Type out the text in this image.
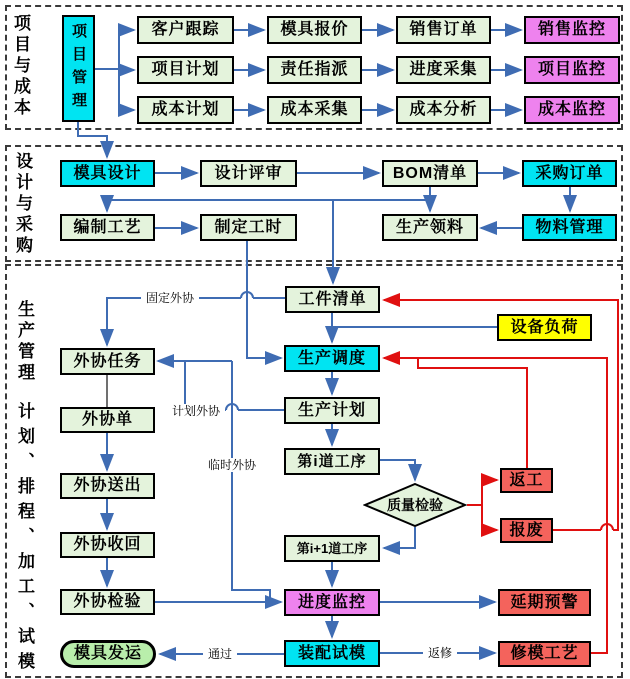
项目与成本
设计与采购
生产管理
计划、排程、加工、试模
项目管理	客户跟踪	模具报价	销售订单	销售监控
项目计划	责任指派	进度采集	项目监控
成本计划	成本采集	成本分析	成本监控
模具设计	设计评审	BOM清单	采购订单
编制工艺	制定工时	生产领料	物料管理
工件清单
设备负荷
生产调度
生产计划
第i道工序
质量检验
返工
报废
第i+1道工序
进度监控	延期预警
装配试模	修模工艺
外协任务
外协单
外协送出
外协收回
外协检验
模具发运
固定外协
计划外协
临时外协
通过	返修
